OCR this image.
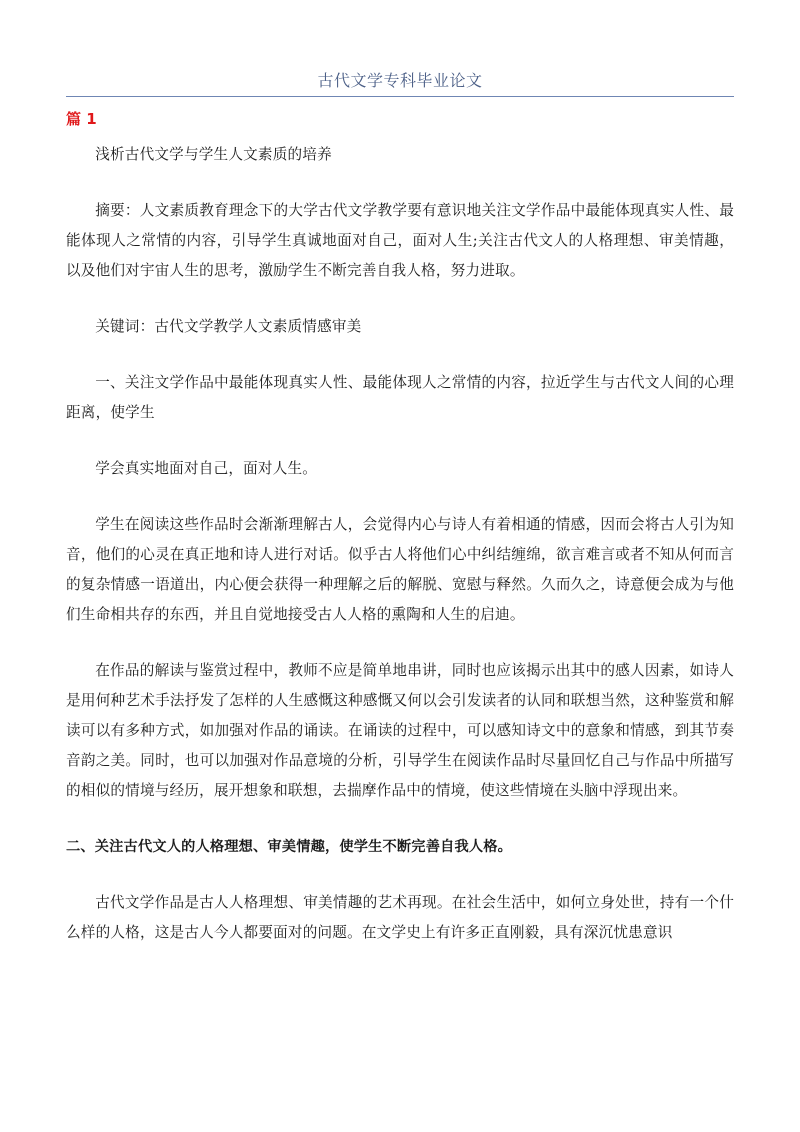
古代文学专科毕业论文
篇 1

浅析古代文学与学生人文素质的培养

摘要：人文素质教育理念下的大学古代文学教学要有意识地关注文学作品中最能体现真实人性、最能体现人之常情的内容，引导学生真诚地面对自己，面对人生;关注古代文人的人格理想、审美情趣，以及他们对宇宙人生的思考，激励学生不断完善自我人格，努力进取。

关键词：古代文学教学人文素质情感审美

一、关注文学作品中最能体现真实人性、最能体现人之常情的内容，拉近学生与古代文人间的心理距离，使学生

学会真实地面对自己，面对人生。

学生在阅读这些作品时会渐渐理解古人，会觉得内心与诗人有着相通的情感，因而会将古人引为知音，他们的心灵在真正地和诗人进行对话。似乎古人将他们心中纠结缠绵，欲言难言或者不知从何而言的复杂情感一语道出，内心便会获得一种理解之后的解脱、宽慰与释然。久而久之，诗意便会成为与他们生命相共存的东西，并且自觉地接受古人人格的熏陶和人生的启迪。

在作品的解读与鉴赏过程中，教师不应是简单地串讲，同时也应该揭示出其中的感人因素，如诗人是用何种艺术手法抒发了怎样的人生感慨这种感慨又何以会引发读者的认同和联想当然，这种鉴赏和解读可以有多种方式，如加强对作品的诵读。在诵读的过程中，可以感知诗文中的意象和情感，到其节奏音韵之美。同时，也可以加强对作品意境的分析，引导学生在阅读作品时尽量回忆自己与作品中所描写的相似的情境与经历，展开想象和联想，去揣摩作品中的情境，使这些情境在头脑中浮现出来。

二、关注古代文人的人格理想、审美情趣，使学生不断完善自我人格。

古代文学作品是古人人格理想、审美情趣的艺术再现。在社会生活中，如何立身处世，持有一个什么样的人格，这是古人今人都要面对的问题。在文学史上有许多正直刚毅，具有深沉忧患意识
